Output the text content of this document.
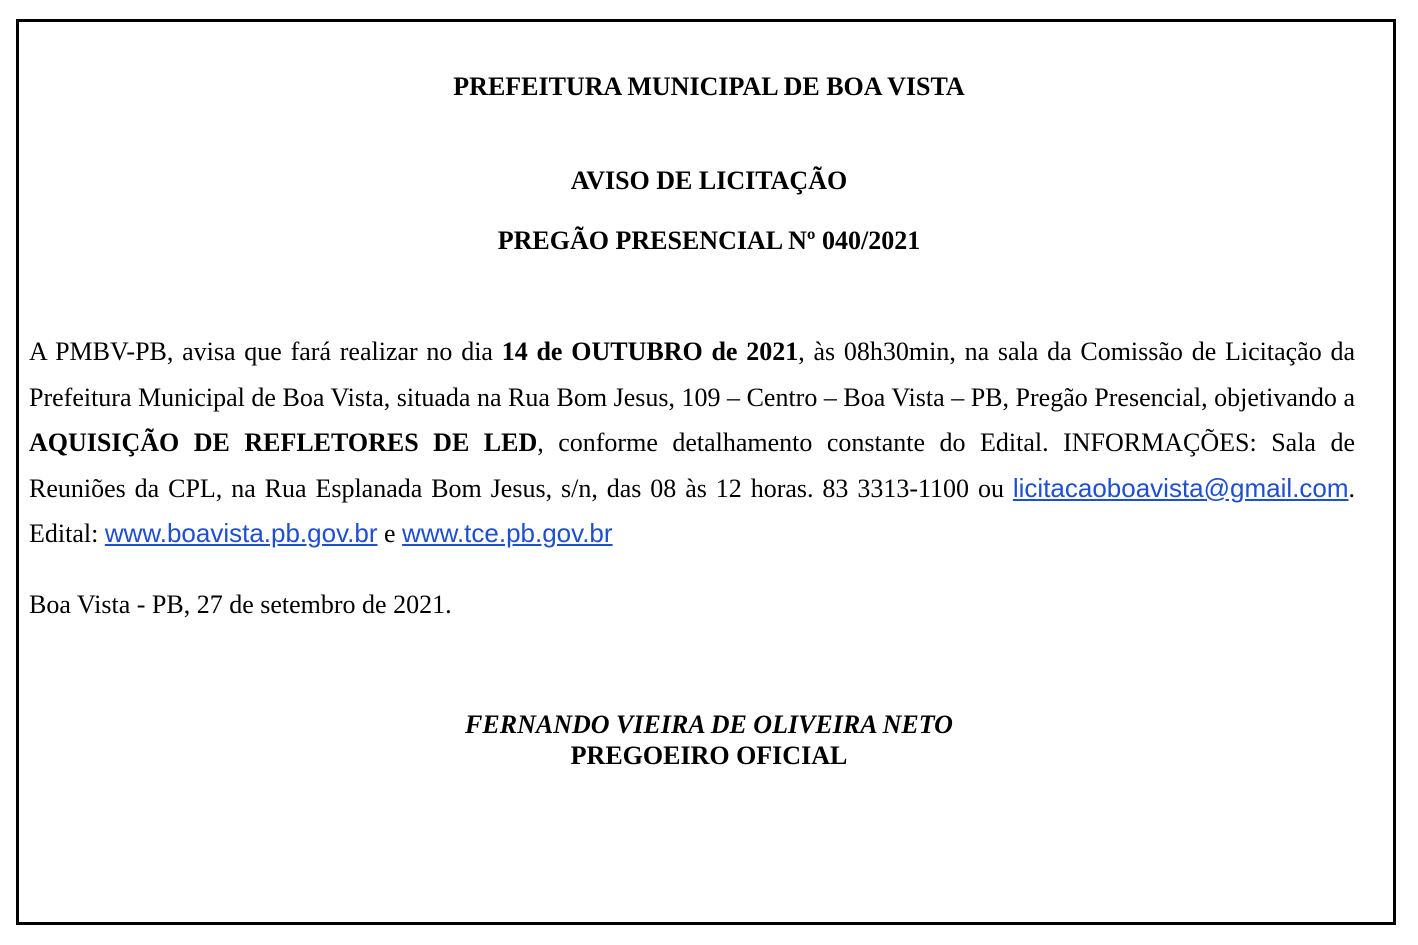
PREFEITURA MUNICIPAL DE BOA VISTA
AVISO DE LICITAÇÃO
PREGÃO PRESENCIAL Nº 040/2021
A PMBV-PB, avisa que fará realizar no dia 14 de OUTUBRO de 2021, às 08h30min, na sala da Comissão de Licitação da Prefeitura Municipal de Boa Vista, situada na Rua Bom Jesus, 109 – Centro – Boa Vista – PB, Pregão Presencial, objetivando a AQUISIÇÃO DE REFLETORES DE LED, conforme detalhamento constante do Edital. INFORMAÇÕES: Sala de Reuniões da CPL, na Rua Esplanada Bom Jesus, s/n, das 08 às 12 horas. 83 3313-1100 ou licitacaoboavista@gmail.com. Edital: www.boavista.pb.gov.br e www.tce.pb.gov.br
Boa Vista - PB, 27 de setembro de 2021.
FERNANDO VIEIRA DE OLIVEIRA NETO
PREGOEIRO OFICIAL
